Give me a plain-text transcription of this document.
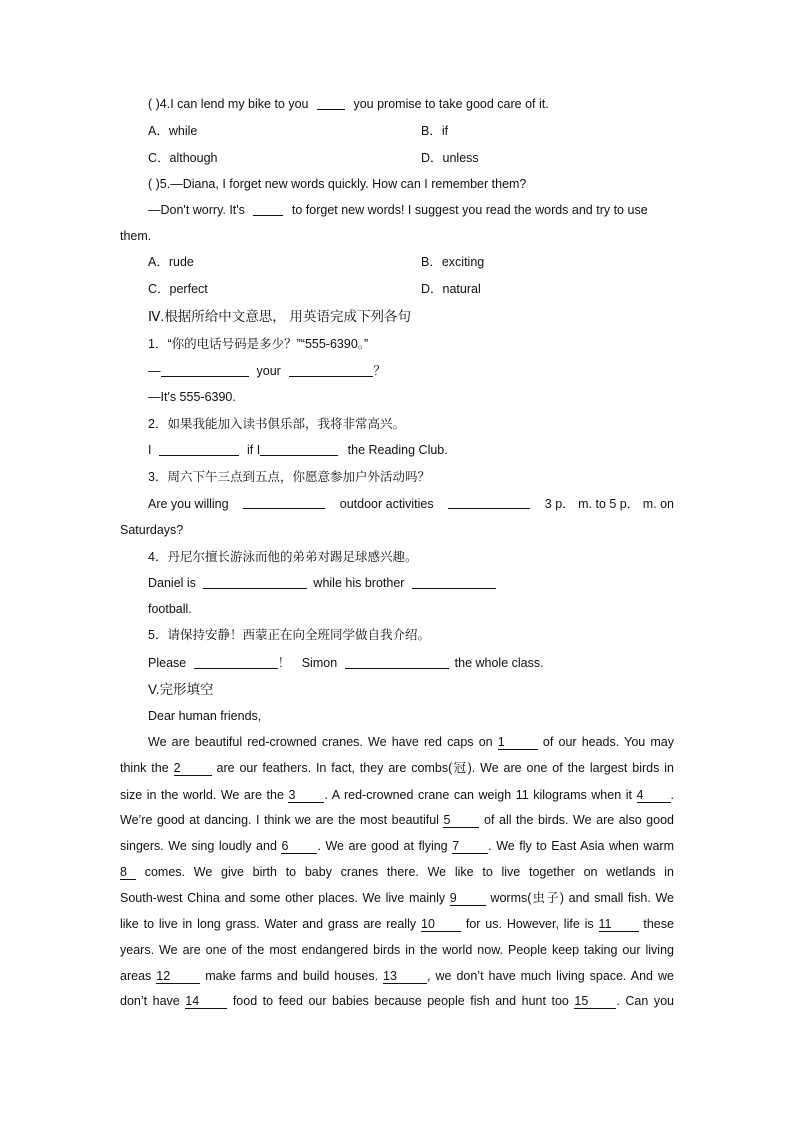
( )4.I can lend my bike to you	you promise to take good care of it.
A．while	B．if
C．although	D．unless
( )5.—Diana, I forget new words quickly. How can I remember them?
—Don't worry. It's	to forget new words! I suggest you read the words and try to use
them.
A．rude	B．exciting
C．perfect	D．natural
Ⅳ.根据所给中文意思， 用英语完成下列各句
1．“你的电话号码是多少？”“555-6390。”
—	your	？
—It's 555-6390.
2．如果我能加入读书俱乐部，我将非常高兴。
I	if I	the Reading Club.
3．周六下午三点到五点，你愿意参加户外活动吗？
Are you willing	outdoor activities	3 p． m. to 5 p． m. on
Saturdays?
4．丹尼尔擅长游泳而他的弟弟对踢足球感兴趣。
Daniel is	while his brother
football.
5．请保持安静！西蒙正在向全班同学做自我介绍。
Please	！ Simon	the whole class.
V.完形填空
Dear human friends,
We are beautiful red-crowned cranes. We have red caps on 1	of our heads. You may
think the 2	are our feathers. In fact, they are combs(冠). We are one of the largest birds in
size in the world. We are the 3 . A red-crowned crane can weigh 11 kilograms when it 4 .
We’re good at dancing. I think we are the most beautiful 5	of all the birds. We are also good
singers. We sing loudly and 6 . We are good at flying 7 . We fly to East Asia when warm
8 comes. We give birth to baby cranes there. We like to live together on wetlands in
South-west China and some other places. We live mainly 9	worms(虫子) and small fish. We
like to live in long grass. Water and grass are really 10 for us. However, life is 11	these
years. We are one of the most endangered birds in the world now. People keep taking our living
areas 12	make farms and build houses. 13 , we don’t have much living space. And we
don’t have 14	food to feed our babies because people fish and hunt too 15 . Can you
